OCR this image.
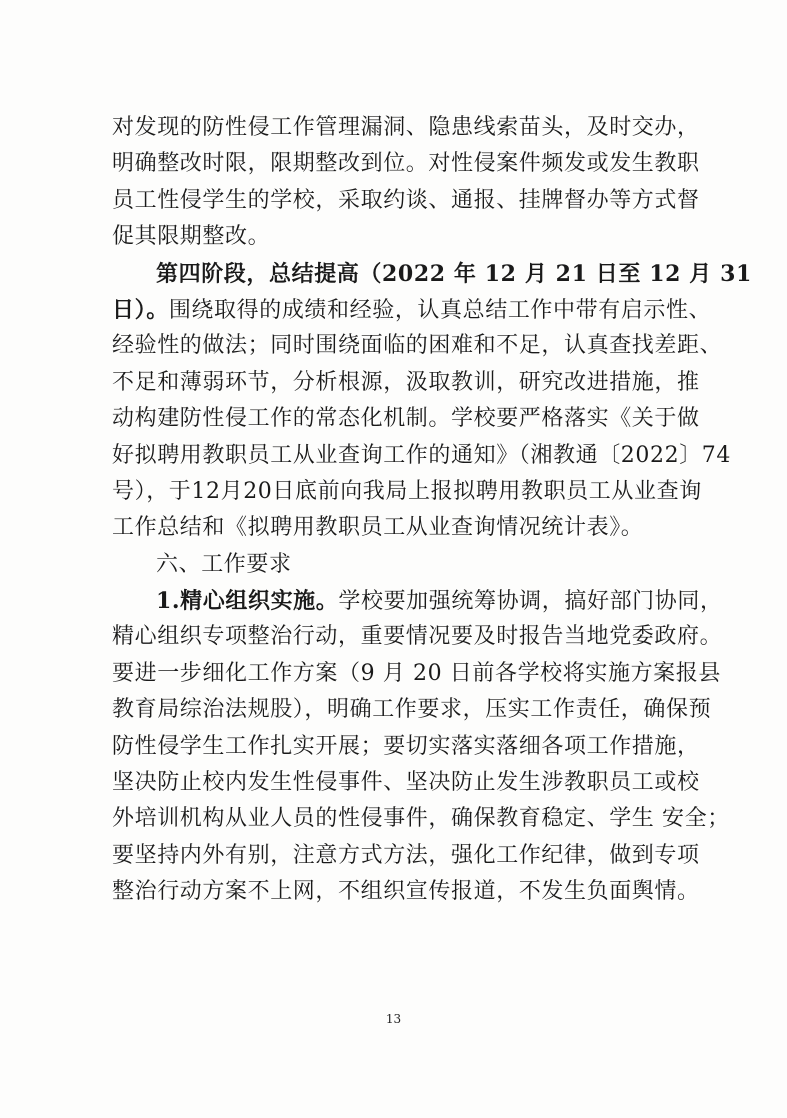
对发现的防性侵工作管理漏洞、隐患线索苗头，及时交办，
明确整改时限，限期整改到位。对性侵案件频发或发生教职
员工性侵学生的学校，采取约谈、通报、挂牌督办等方式督
促其限期整改。
第四阶段，总结提高（2022 年 12 月 21 日至 12 月 31
日）。围绕取得的成绩和经验，认真总结工作中带有启示性、
经验性的做法；同时围绕面临的困难和不足，认真查找差距、
不足和薄弱环节，分析根源，汲取教训，研究改进措施，推
动构建防性侵工作的常态化机制。学校要严格落实《关于做
好拟聘用教职员工从业查询工作的通知》（湘教通〔2022〕74
号），于12月20日底前向我局上报拟聘用教职员工从业查询
工作总结和《拟聘用教职员工从业查询情况统计表》。
六、工作要求
1.精心组织实施。学校要加强统筹协调，搞好部门协同，
精心组织专项整治行动，重要情况要及时报告当地党委政府。
要进一步细化工作方案（9 月 20 日前各学校将实施方案报县
教育局综治法规股），明确工作要求，压实工作责任，确保预
防性侵学生工作扎实开展；要切实落实落细各项工作措施，
坚决防止校内发生性侵事件、坚决防止发生涉教职员工或校
外培训机构从业人员的性侵事件，确保教育稳定、学生 安全；
要坚持内外有别，注意方式方法，强化工作纪律，做到专项
整治行动方案不上网，不组织宣传报道，不发生负面舆情。
13
